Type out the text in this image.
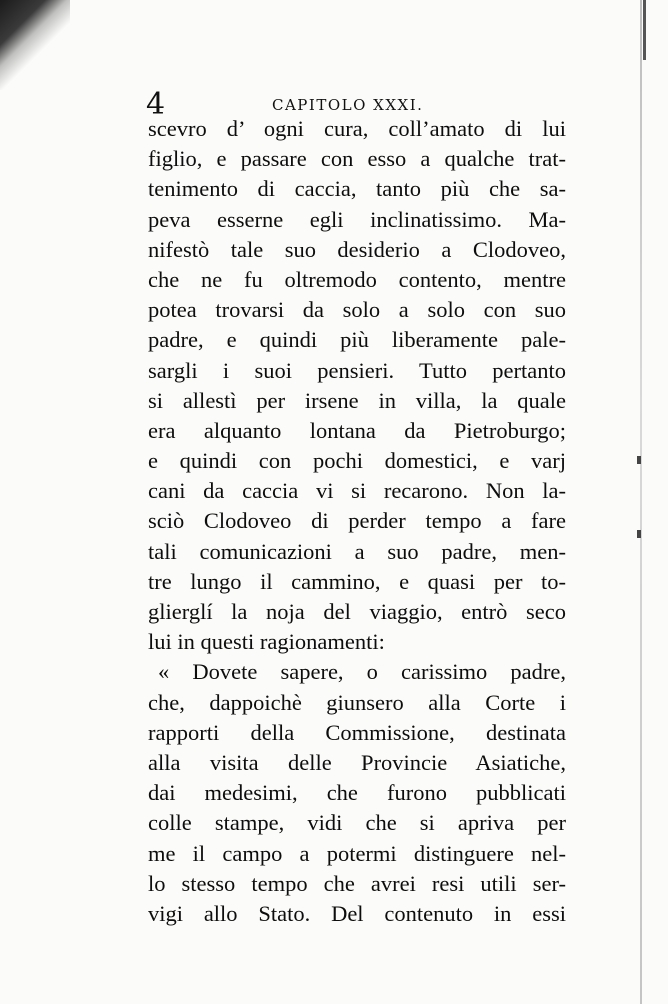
4	CAPITOLO XXXI.
scevro d’ ogni cura, coll’amato di lui
figlio, e passare con esso a qualche trat-
tenimento di caccia, tanto più che sa-
peva esserne egli inclinatissimo. Ma-
nifestò tale suo desiderio a Clodoveo,
che ne fu oltremodo contento, mentre
potea trovarsi da solo a solo con suo
padre, e quindi più liberamente pale-
sargli i suoi pensieri. Tutto pertanto
si allestì per irsene in villa, la quale
era alquanto lontana da Pietroburgo;
e quindi con pochi domestici, e varj
cani da caccia vi si recarono. Non la-
sciò Clodoveo di perder tempo a fare
tali comunicazioni a suo padre, men-
tre lungo il cammino, e quasi per to-
glierglí la noja del viaggio, entrò seco
lui in questi ragionamenti:
« Dovete sapere, o carissimo padre,
che, dappoichè giunsero alla Corte i
rapporti della Commissione, destinata
alla visita delle Provincie Asiatiche,
dai medesimi, che furono pubblicati
colle stampe, vidi che si apriva per
me il campo a potermi distinguere nel-
lo stesso tempo che avrei resi utili ser-
vigi allo Stato. Del contenuto in essi
